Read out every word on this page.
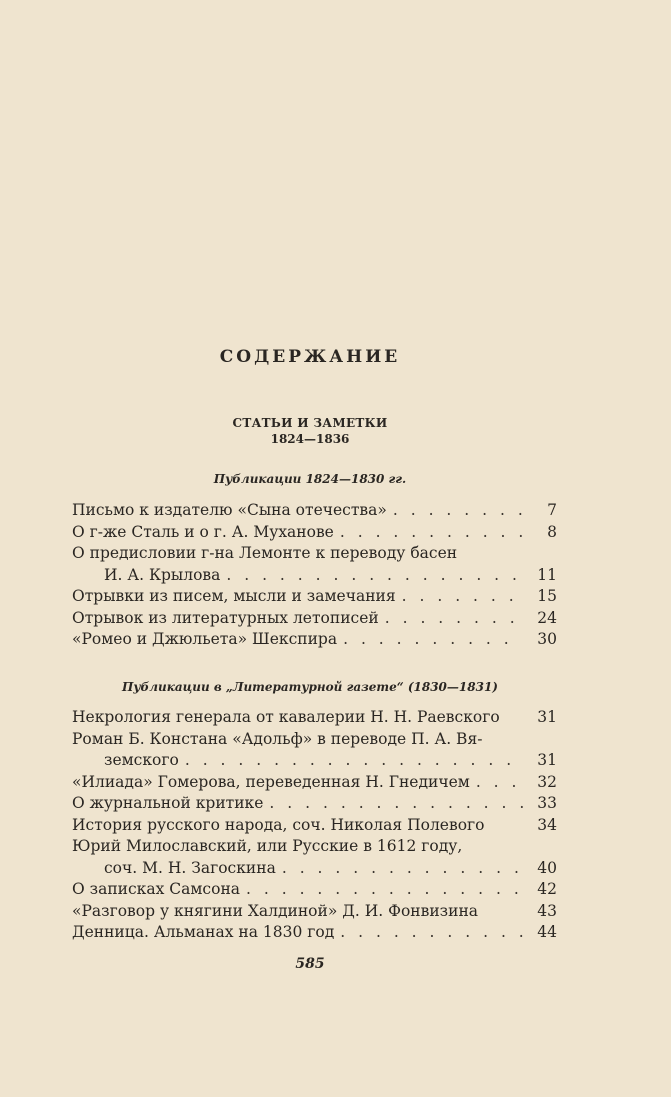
СОДЕРЖАНИЕ
СТАТЬИ И ЗАМЕТКИ
1824—1836
Публикации 1824—1830 гг.
Письмо к издателю «Сына отечества» . . .	7
О г-же Сталь и о г. А. Муханове . . .	8
О предисловии г-на Лемонте к переводу басен
И. А. Крылова . . .	11
Отрывки из писем, мысли и замечания . . .	15
Отрывок из литературных летописей . . .	24
«Ромео и Джюльета» Шекспира . . .	30
Публикации в „Литературной газете“ (1830—1831)
Некрология генерала от кавалерии Н. Н. Раевского	31
Роман Б. Констана «Адольф» в переводе П. А. Вя-
земского . . .	31
«Илиада» Гомерова, переведенная Н. Гнедичем . . .	32
О журнальной критике . . .	33
История русского народа, соч. Николая Полевого	34
Юрий Милославский, или Русские в 1612 году,
соч. М. Н. Загоскина . . .	40
О записках Самсона . . .	42
«Разговор у княгини Халдиной» Д. И. Фонвизина	43
Денница. Альманах на 1830 год . . .	44
585
